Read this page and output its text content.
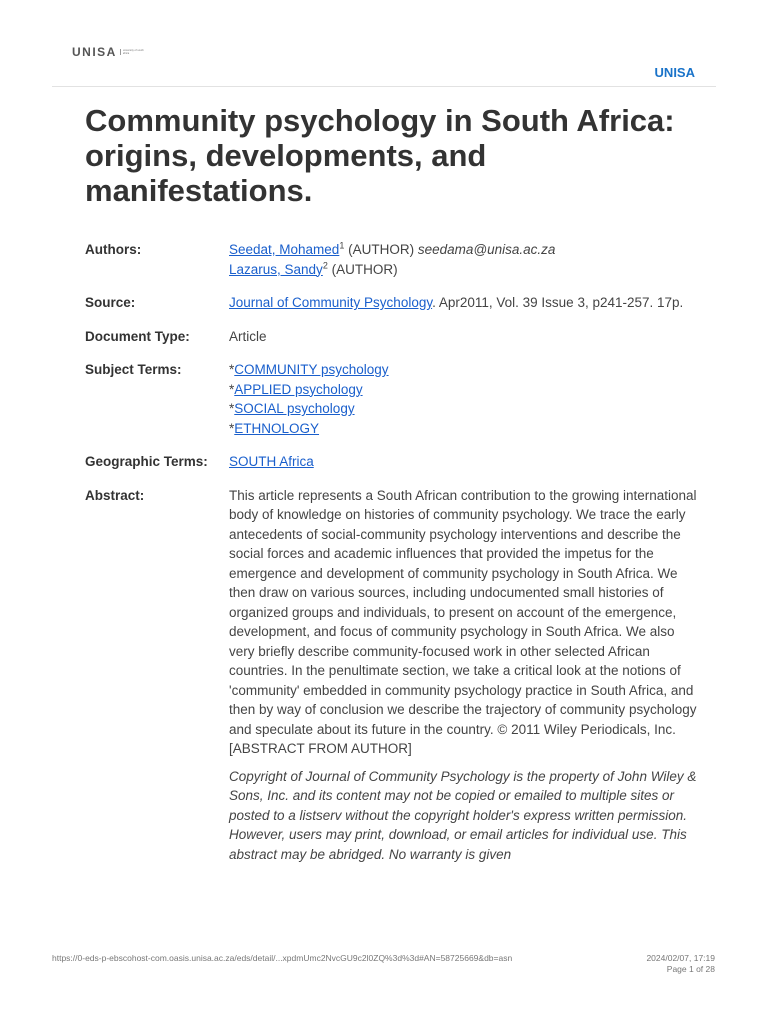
UNISA	university of south africa
UNISA
Community psychology in South Africa: origins, developments, and manifestations.
Authors:	Seedat, Mohamed$^1$ (AUTHOR) seedama@unisa.ac.za
Lazarus, Sandy$^2$ (AUTHOR)
Source:	Journal of Community Psychology. Apr2011, Vol. 39 Issue 3, p241-257. 17p.
Document Type:	Article
Subject Terms:	*COMMUNITY psychology
*APPLIED psychology
*SOCIAL psychology
*ETHNOLOGY
Geographic Terms:	SOUTH Africa
Abstract:	This article represents a South African contribution to the growing international body of knowledge on histories of community psychology. We trace the early antecedents of social-community psychology interventions and describe the social forces and academic influences that provided the impetus for the emergence and development of community psychology in South Africa. We then draw on various sources, including undocumented small histories of organized groups and individuals, to present on account of the emergence, development, and focus of community psychology in South Africa. We also very briefly describe community-focused work in other selected African countries. In the penultimate section, we take a critical look at the notions of 'community' embedded in community psychology practice in South Africa, and then by way of conclusion we describe the trajectory of community psychology and speculate about its future in the country. © 2011 Wiley Periodicals, Inc. [ABSTRACT FROM AUTHOR]

Copyright of Journal of Community Psychology is the property of John Wiley & Sons, Inc. and its content may not be copied or emailed to multiple sites or posted to a listserv without the copyright holder's express written permission. However, users may print, download, or email articles for individual use. This abstract may be abridged. No warranty is given

https://0-eds-p-ebscohost-com.oasis.unisa.ac.za/eds/detail/...xpdmUmc2NvcGU9c2l0ZQ%3d%3d#AN=58725669&db=asn	2024/02/07, 17:19
Page 1 of 28
